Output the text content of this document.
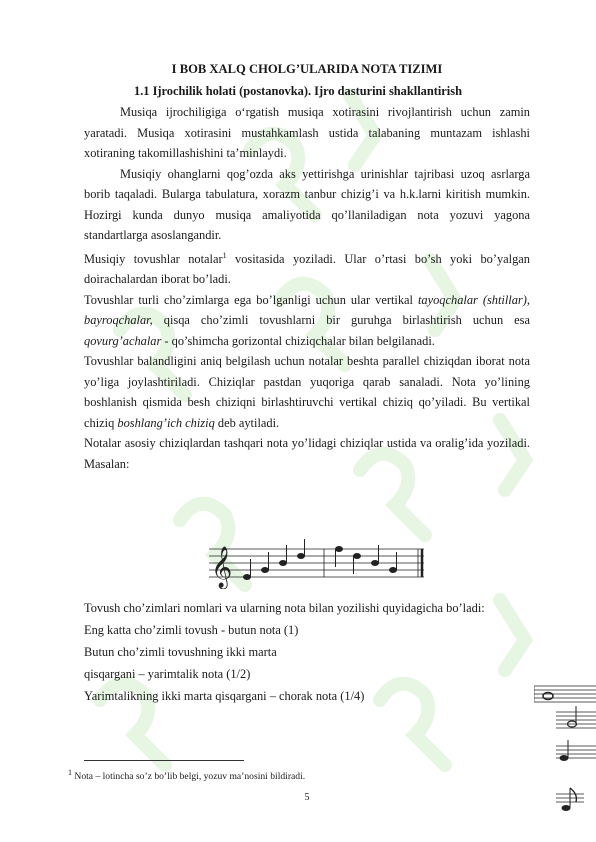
I BOB XALQ CHOLG’ULARIDA NOTA TIZIMI
1.1 Ijrochilik holati (postanovka). Ijro dasturini shakllantirish

Musiqa ijrochiligiga o‘rgatish musiqa xotirasini rivojlantirish uchun zamin yaratadi. Musiqa xotirasini mustahkamlash ustida talabaning muntazam ishlashi xotiraning takomillashishini ta’minlaydi.

Musiqiy ohanglarni qog’ozda aks yettirishga urinishlar tajribasi uzoq asrlarga borib taqaladi. Bularga tabulatura, xorazm tanbur chizig’i va h.k.larni kiritish mumkin. Hozirgi kunda dunyo musiqa amaliyotida qo’llaniladigan nota yozuvi yagona standartlarga asoslangandir.

Musiqiy tovushlar notalar$^1$ vositasida yoziladi. Ular o’rtasi bo’sh yoki bo’yalgan doirachalardan iborat bo’ladi.

Tovushlar turli cho’zimlarga ega bo’lganligi uchun ular vertikal tayoqchalar (shtillar), bayroqchalar, qisqa cho’zimli tovushlarni bir guruhga birlashtirish uchun esa qovurg’achalar - qo’shimcha gorizontal chiziqchalar bilan belgilanadi.

Tovushlar balandligini aniq belgilash uchun notalar beshta parallel chiziqdan iborat nota yo’liga joylashtiriladi. Chiziqlar pastdan yuqoriga qarab sanaladi. Nota yo’lining boshlanish qismida besh chiziqni birlashtiruvchi vertikal chiziq qo’yiladi. Bu vertikal chiziq boshlang’ich chiziq deb aytiladi.

Notalar asosiy chiziqlardan tashqari nota yo’lidagi chiziqlar ustida va oralig’ida yoziladi. Masalan:

𝄞

Tovush cho’zimlari nomlari va ularning nota bilan yozilishi quyidagicha bo’ladi:

Eng katta cho’zimli tovush - butun nota (1)

Butun cho’zimli tovushning ikki marta

qisqargani – yarimtalik nota (1/2)

Yarimtalikning ikki marta qisqargani – chorak nota (1/4)

$^1$ Nota – lotincha so’z bo’lib belgi, yozuv ma’nosini bildiradi.
5
